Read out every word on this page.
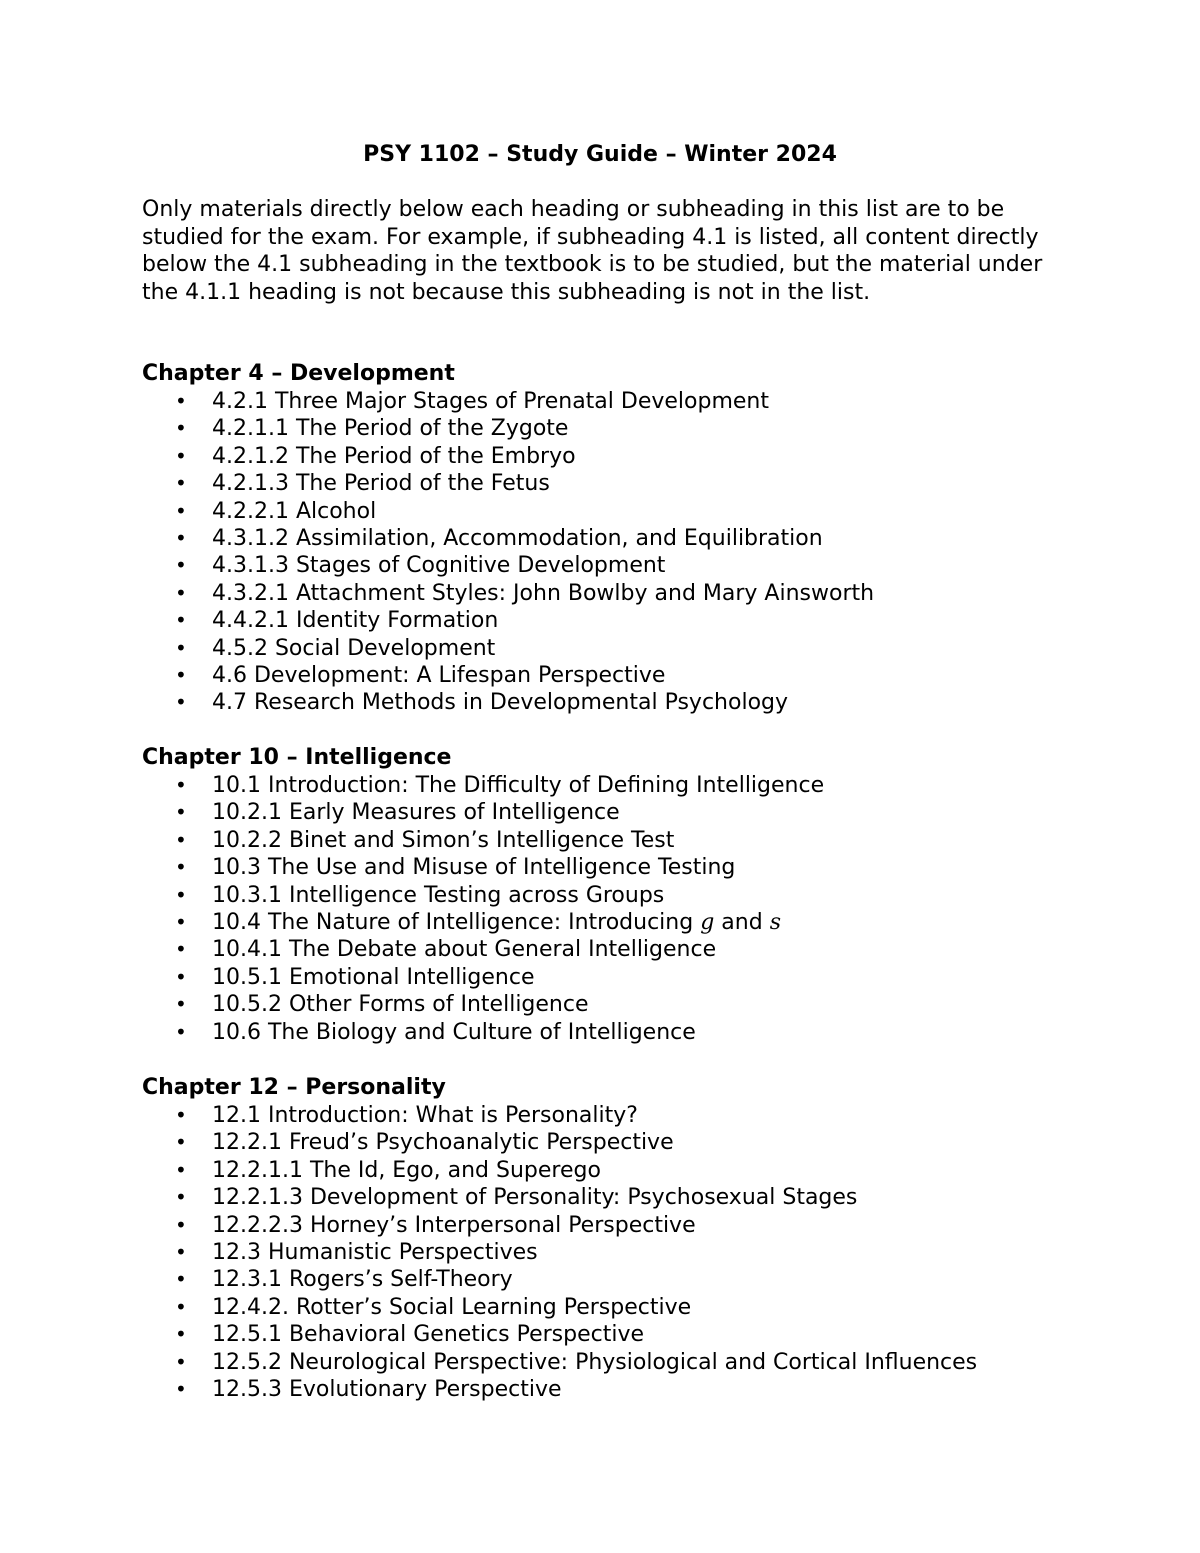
PSY 1102 – Study Guide – Winter 2024

Only materials directly below each heading or subheading in this list are to be studied for the exam. For example, if subheading 4.1 is listed, all content directly below the 4.1 subheading in the textbook is to be studied, but the material under the 4.1.1 heading is not because this subheading is not in the list.

Chapter 4 – Development
• 4.2.1 Three Major Stages of Prenatal Development
• 4.2.1.1 The Period of the Zygote
• 4.2.1.2 The Period of the Embryo
• 4.2.1.3 The Period of the Fetus
• 4.2.2.1 Alcohol
• 4.3.1.2 Assimilation, Accommodation, and Equilibration
• 4.3.1.3 Stages of Cognitive Development
• 4.3.2.1 Attachment Styles: John Bowlby and Mary Ainsworth
• 4.4.2.1 Identity Formation
• 4.5.2 Social Development
• 4.6 Development: A Lifespan Perspective
• 4.7 Research Methods in Developmental Psychology
Chapter 10 – Intelligence
• 10.1 Introduction: The Difficulty of Defining Intelligence
• 10.2.1 Early Measures of Intelligence
• 10.2.2 Binet and Simon’s Intelligence Test
• 10.3 The Use and Misuse of Intelligence Testing
• 10.3.1 Intelligence Testing across Groups
• 10.4 The Nature of Intelligence: Introducing g and s
• 10.4.1 The Debate about General Intelligence
• 10.5.1 Emotional Intelligence
• 10.5.2 Other Forms of Intelligence
• 10.6 The Biology and Culture of Intelligence
Chapter 12 – Personality
• 12.1 Introduction: What is Personality?
• 12.2.1 Freud’s Psychoanalytic Perspective
• 12.2.1.1 The Id, Ego, and Superego
• 12.2.1.3 Development of Personality: Psychosexual Stages
• 12.2.2.3 Horney’s Interpersonal Perspective
• 12.3 Humanistic Perspectives
• 12.3.1 Rogers’s Self-Theory
• 12.4.2. Rotter’s Social Learning Perspective
• 12.5.1 Behavioral Genetics Perspective
• 12.5.2 Neurological Perspective: Physiological and Cortical Influences
• 12.5.3 Evolutionary Perspective
